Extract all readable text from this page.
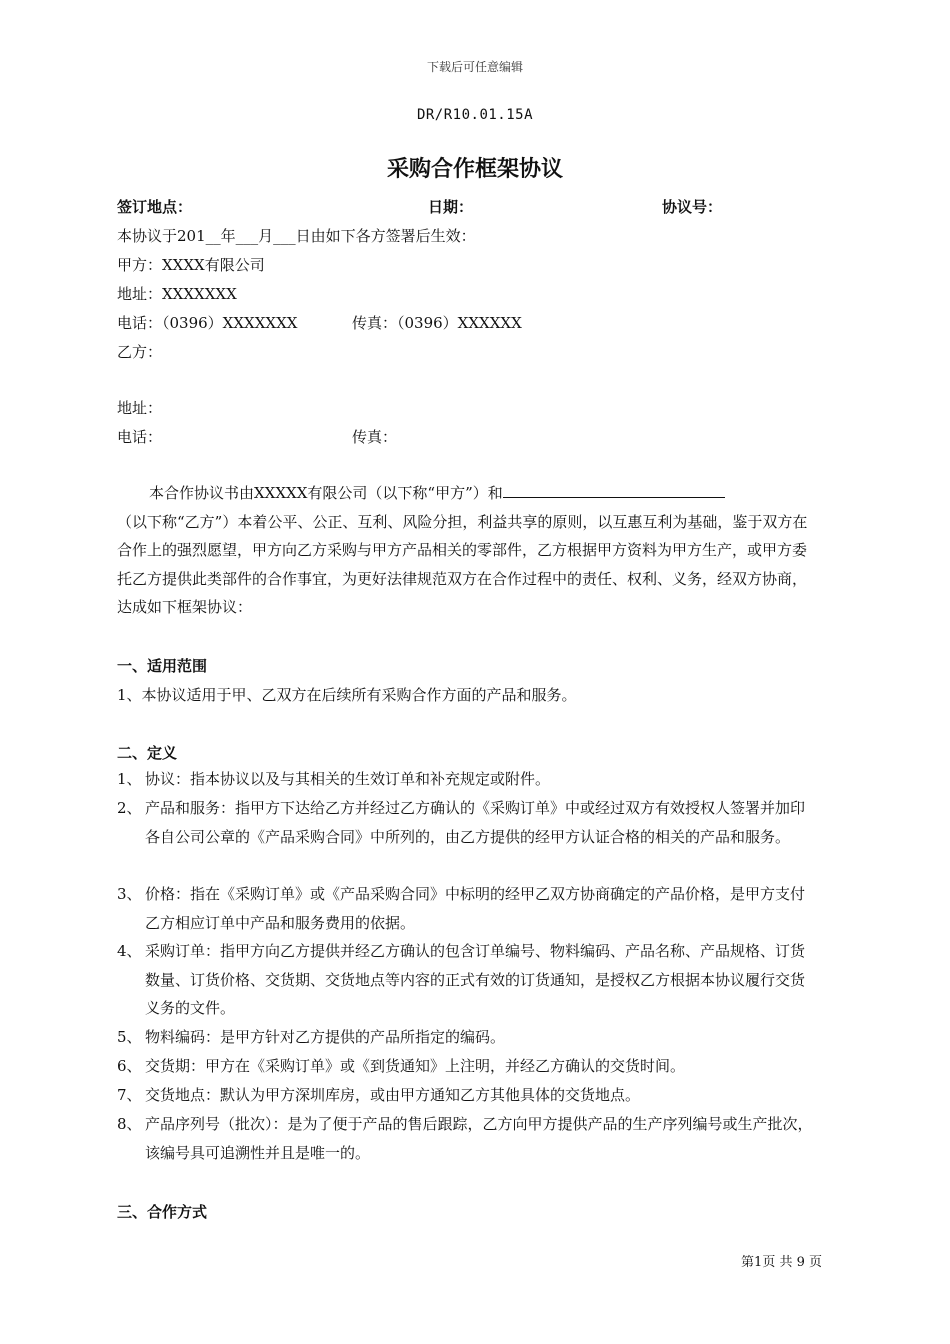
下载后可任意编辑
DR/R10.01.15A
采购合作框架协议
签订地点：	日期：	协议号：
本协议于201__年___月___日由如下各方签署后生效：
甲方：XXXX有限公司
地址：XXXXXXX
电话：（0396）XXXXXXX	传真：（0396）XXXXXX
乙方：
地址：
电话：	传真：
本合作协议书由XXXXX有限公司（以下称“甲方”）和
（以下称“乙方”）本着公平、公正、互利、风险分担，利益共享的原则，以互惠互利为基础，鉴于双方在合作上的强烈愿望，甲方向乙方采购与甲方产品相关的零部件，乙方根据甲方资料为甲方生产，或甲方委托乙方提供此类部件的合作事宜，为更好法律规范双方在合作过程中的责任、权利、义务，经双方协商，达成如下框架协议：
一、适用范围
1、本协议适用于甲、乙双方在后续所有采购合作方面的产品和服务。
二、定义
1、 协议：指本协议以及与其相关的生效订单和补充规定或附件。
2、 产品和服务：指甲方下达给乙方并经过乙方确认的《采购订单》中或经过双方有效授权人签署并加印各自公司公章的《产品采购合同》中所列的，由乙方提供的经甲方认证合格的相关的产品和服务。
3、 价格：指在《采购订单》或《产品采购合同》中标明的经甲乙双方协商确定的产品价格，是甲方支付乙方相应订单中产品和服务费用的依据。
4、 采购订单：指甲方向乙方提供并经乙方确认的包含订单编号、物料编码、产品名称、产品规格、订货数量、订货价格、交货期、交货地点等内容的正式有效的订货通知，是授权乙方根据本协议履行交货义务的文件。
5、 物料编码：是甲方针对乙方提供的产品所指定的编码。
6、 交货期：甲方在《采购订单》或《到货通知》上注明，并经乙方确认的交货时间。
7、 交货地点：默认为甲方深圳库房，或由甲方通知乙方其他具体的交货地点。
8、 产品序列号（批次）：是为了便于产品的售后跟踪，乙方向甲方提供产品的生产序列编号或生产批次，该编号具可追溯性并且是唯一的。
三、合作方式
第1页 共 9 页
